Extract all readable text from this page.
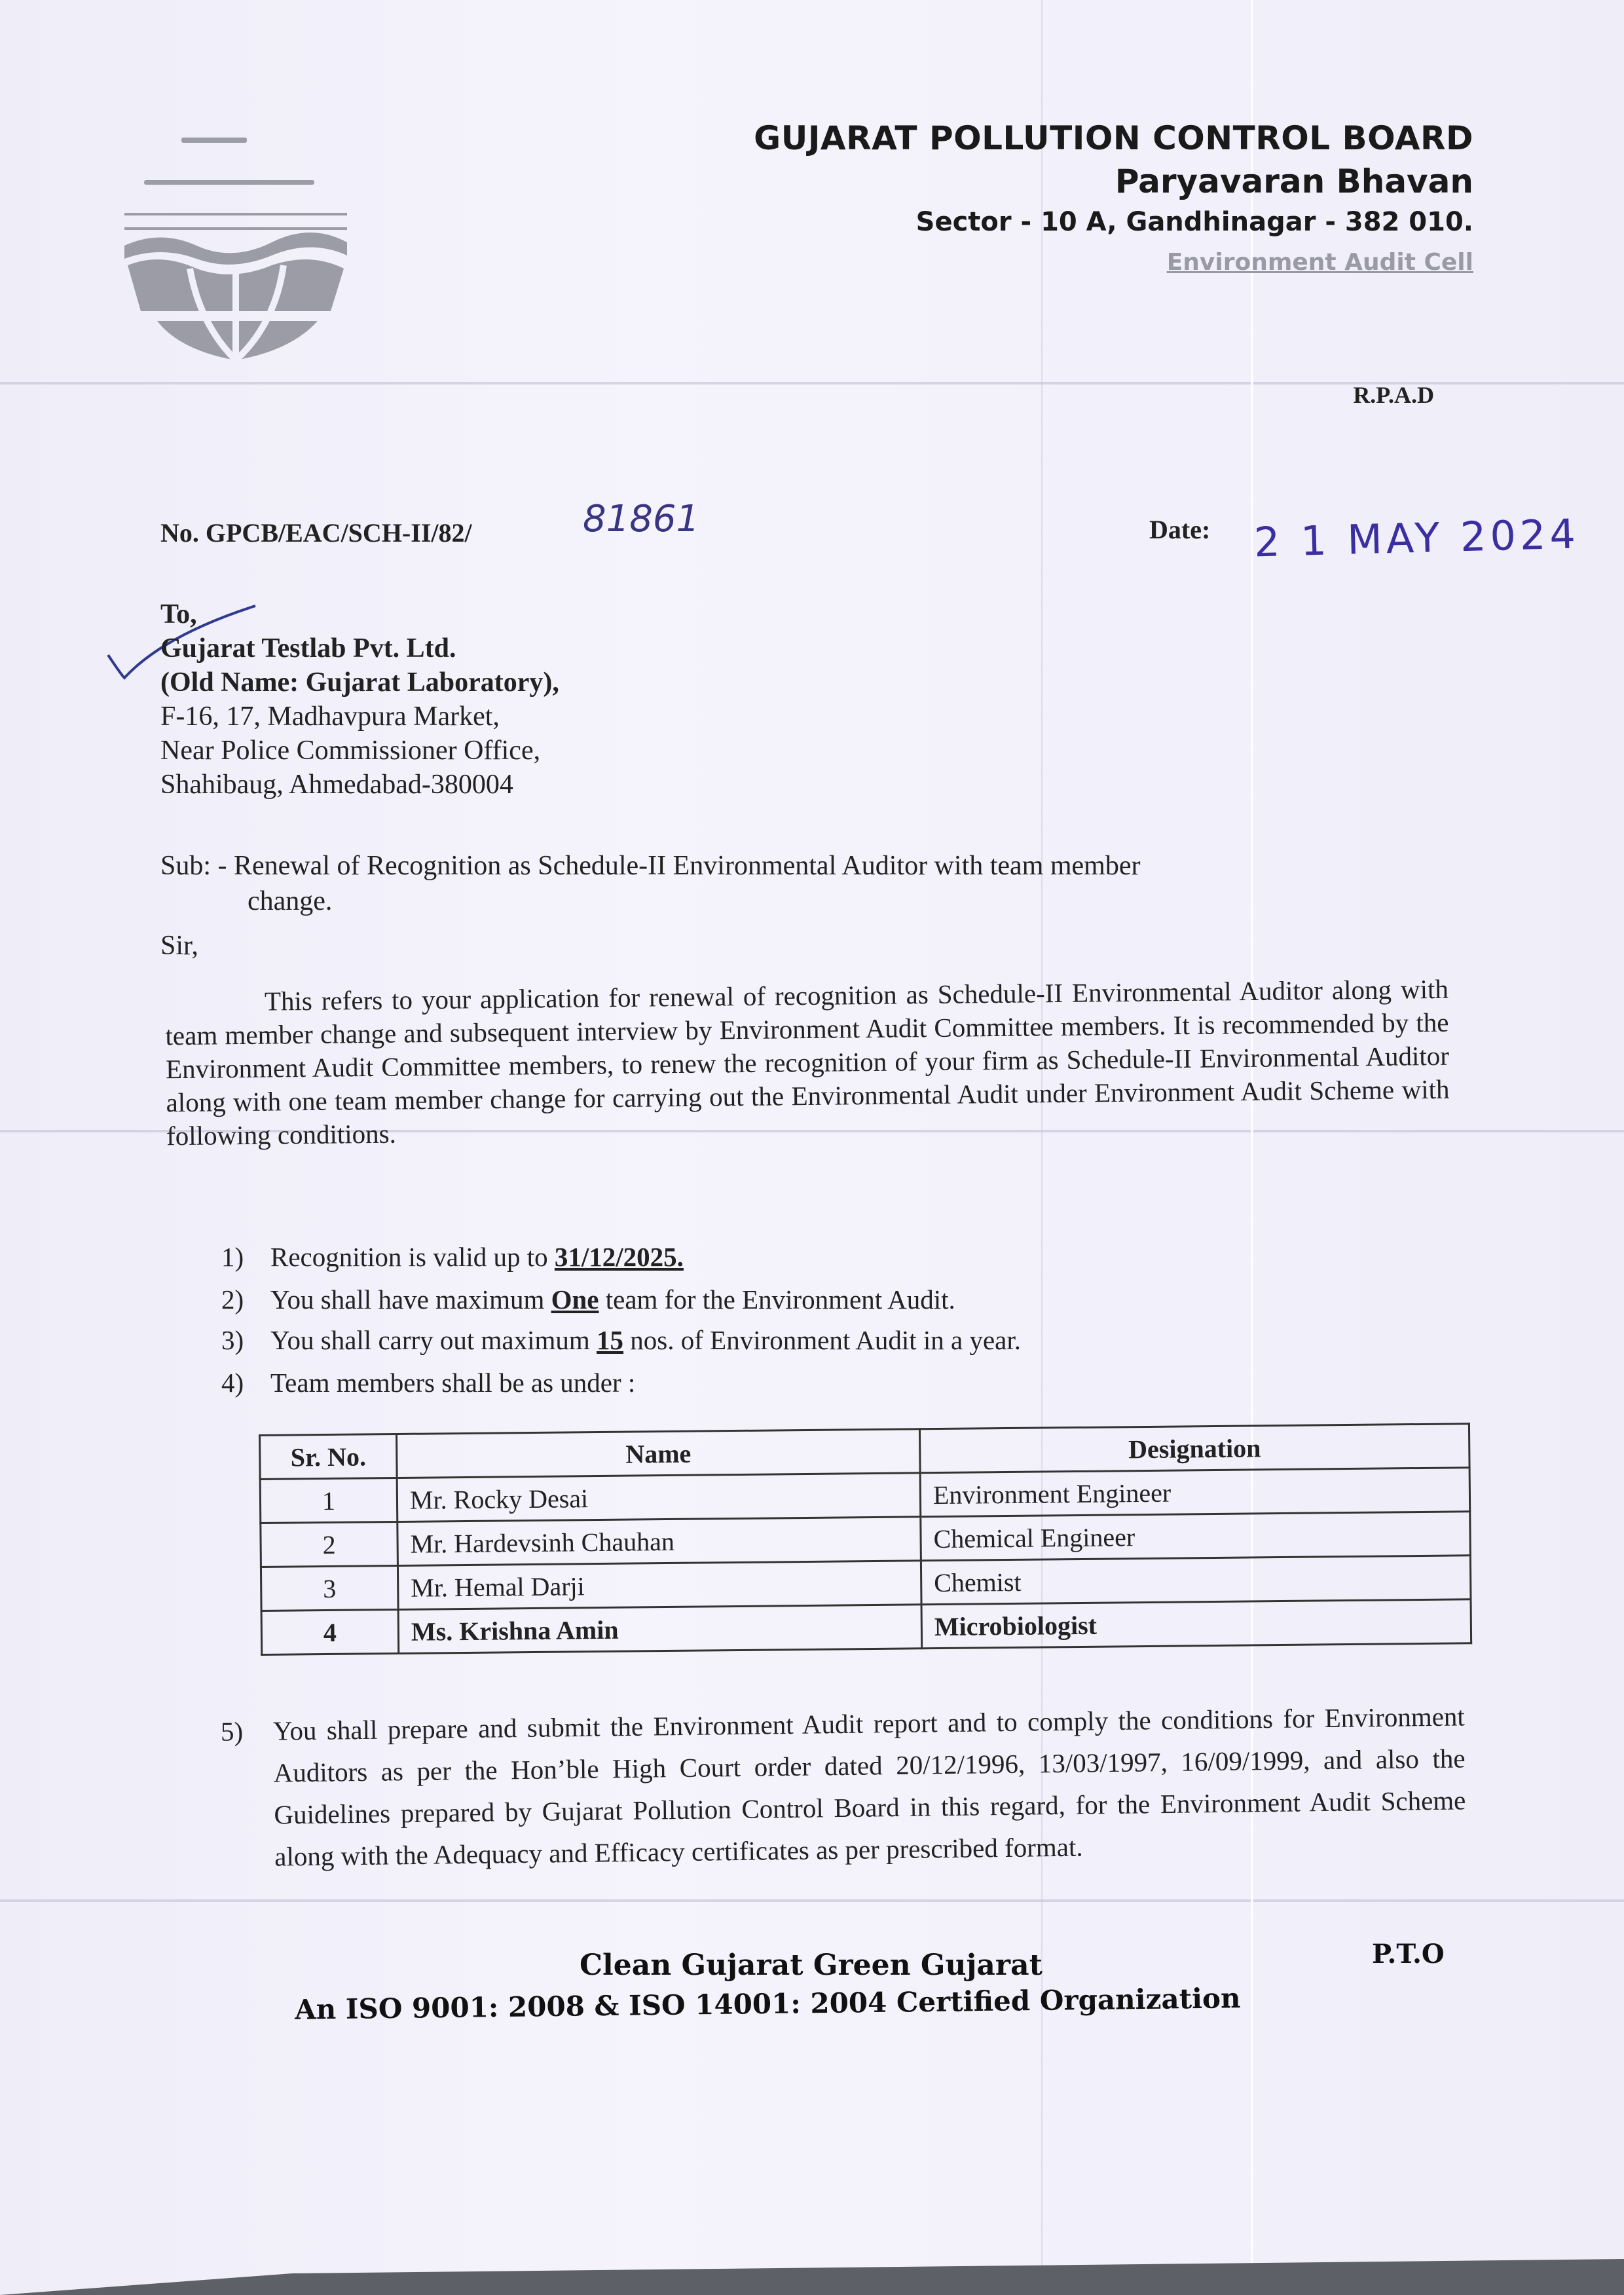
GUJARAT POLLUTION CONTROL BOARD
Paryavaran Bhavan
Sector - 10 A, Gandhinagar - 382 010.
Environment Audit Cell
R.P.A.D
No. GPCB/EAC/SCH-II/82/	81861	Date: 2 1 MAY 2024
To,
Gujarat Testlab Pvt. Ltd.
(Old Name: Gujarat Laboratory),
F-16, 17, Madhavpura Market,
Near Police Commissioner Office,
Shahibaug, Ahmedabad-380004
Sub: - Renewal of Recognition as Schedule-II Environmental Auditor with team member
change.
Sir,
This refers to your application for renewal of recognition as Schedule-II Environmental Auditor along with team member change and subsequent interview by Environment Audit Committee members. It is recommended by the Environment Audit Committee members, to renew the recognition of your firm as Schedule-II Environmental Auditor along with one team member change for carrying out the Environmental Audit under Environment Audit Scheme with following conditions.
1) Recognition is valid up to 31/12/2025.
2) You shall have maximum One team for the Environment Audit.
3) You shall carry out maximum 15 nos. of Environment Audit in a year.
4) Team members shall be as under :
Sr. No.	Name	Designation
1	Mr. Rocky Desai	Environment Engineer
2	Mr. Hardevsinh Chauhan	Chemical Engineer
3	Mr. Hemal Darji	Chemist
4	Ms. Krishna Amin	Microbiologist
5) You shall prepare and submit the Environment Audit report and to comply the conditions for Environment Auditors as per the Hon’ble High Court order dated 20/12/1996, 13/03/1997, 16/09/1999, and also the Guidelines prepared by Gujarat Pollution Control Board in this regard, for the Environment Audit Scheme along with the Adequacy and Efficacy certificates as per prescribed format.
Clean Gujarat Green Gujarat
An ISO 9001: 2008 & ISO 14001: 2004 Certified Organization
P.T.O
